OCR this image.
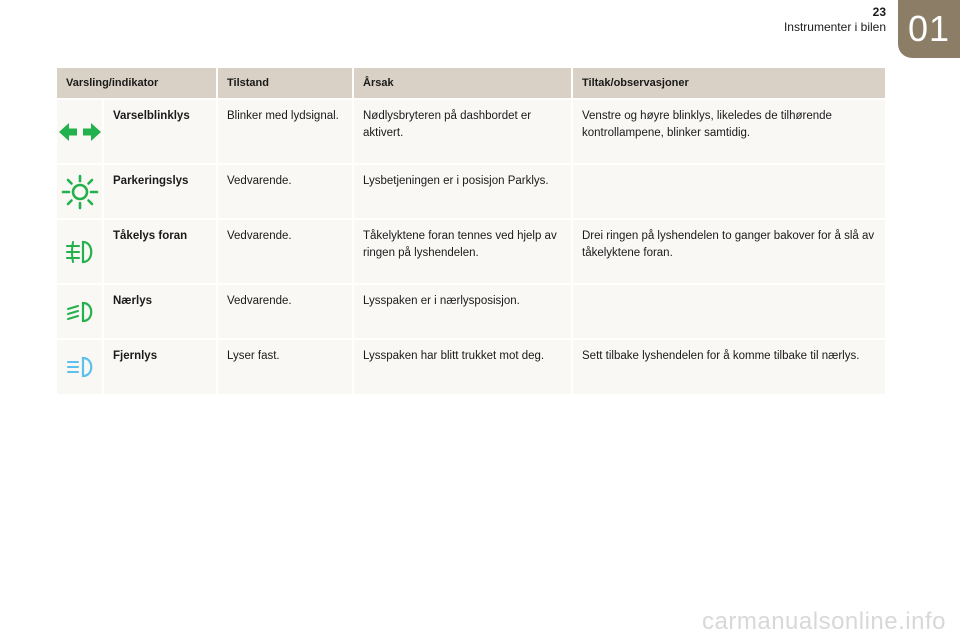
23
Instrumenter i bilen 01
Varsling/indikator		Tilstand	Årsak	Tiltak/observasjoner

	Varselblinklys	Blinker med lydsignal.	Nødlysbryteren på dashbordet er aktivert.	Venstre og høyre blinklys, likeledes de tilhørende kontrollampene, blinker samtidig.

	Parkeringslys	Vedvarende.	Lysbetjeningen er i posisjon Parklys.	

	Tåkelys foran	Vedvarende.	Tåkelyktene foran tennes ved hjelp av ringen på lyshendelen.	Drei ringen på lyshendelen to ganger bakover for å slå av tåkelyktene foran.

	Nærlys	Vedvarende.	Lysspaken er i nærlysposisjon.	

	Fjernlys	Lyser fast.	Lysspaken har blitt trukket mot deg.	Sett tilbake lyshendelen for å komme tilbake til nærlys.
carmanualsonline.info
